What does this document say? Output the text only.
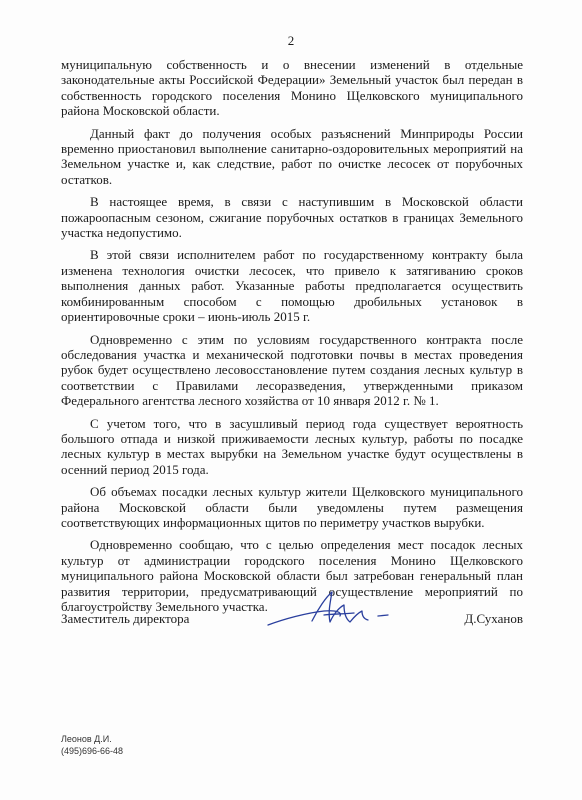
2

муниципальную собственность и о внесении изменений в отдельные законодательные акты Российской Федерации» Земельный участок был передан в собственность городского поселения Монино Щелковского муниципального района Московской области.

Данный факт до получения особых разъяснений Минприроды России временно приостановил выполнение санитарно-оздоровительных мероприятий на Земельном участке и, как следствие, работ по очистке лесосек от порубочных остатков.

В настоящее время, в связи с наступившим в Московской области пожароопасным сезоном, сжигание порубочных остатков в границах Земельного участка недопустимо.

В этой связи исполнителем работ по государственному контракту была изменена технология очистки лесосек, что привело к затягиванию сроков выполнения данных работ. Указанные работы предполагается осуществить комбинированным способом с помощью дробильных установок в ориентировочные сроки – июнь-июль 2015 г.

Одновременно с этим по условиям государственного контракта после обследования участка и механической подготовки почвы в местах проведения рубок будет осуществлено лесовосстановление путем создания лесных культур в соответствии с Правилами лесоразведения, утвержденными приказом Федерального агентства лесного хозяйства от 10 января 2012 г. № 1.

С учетом того, что в засушливый период года существует вероятность большого отпада и низкой приживаемости лесных культур, работы по посадке лесных культур в местах вырубки на Земельном участке будут осуществлены в осенний период 2015 года.

Об объемах посадки лесных культур жители Щелковского муниципального района Московской области были уведомлены путем размещения соответствующих информационных щитов по периметру участков вырубки.

Одновременно сообщаю, что с целью определения мест посадок лесных культур от администрации городского поселения Монино Щелковского муниципального района Московской области был затребован генеральный план развития территории, предусматривающий осуществление мероприятий по благоустройству Земельного участка.

Заместитель директора	Д.Суханов
Леонов Д.И.
(495)696-66-48
